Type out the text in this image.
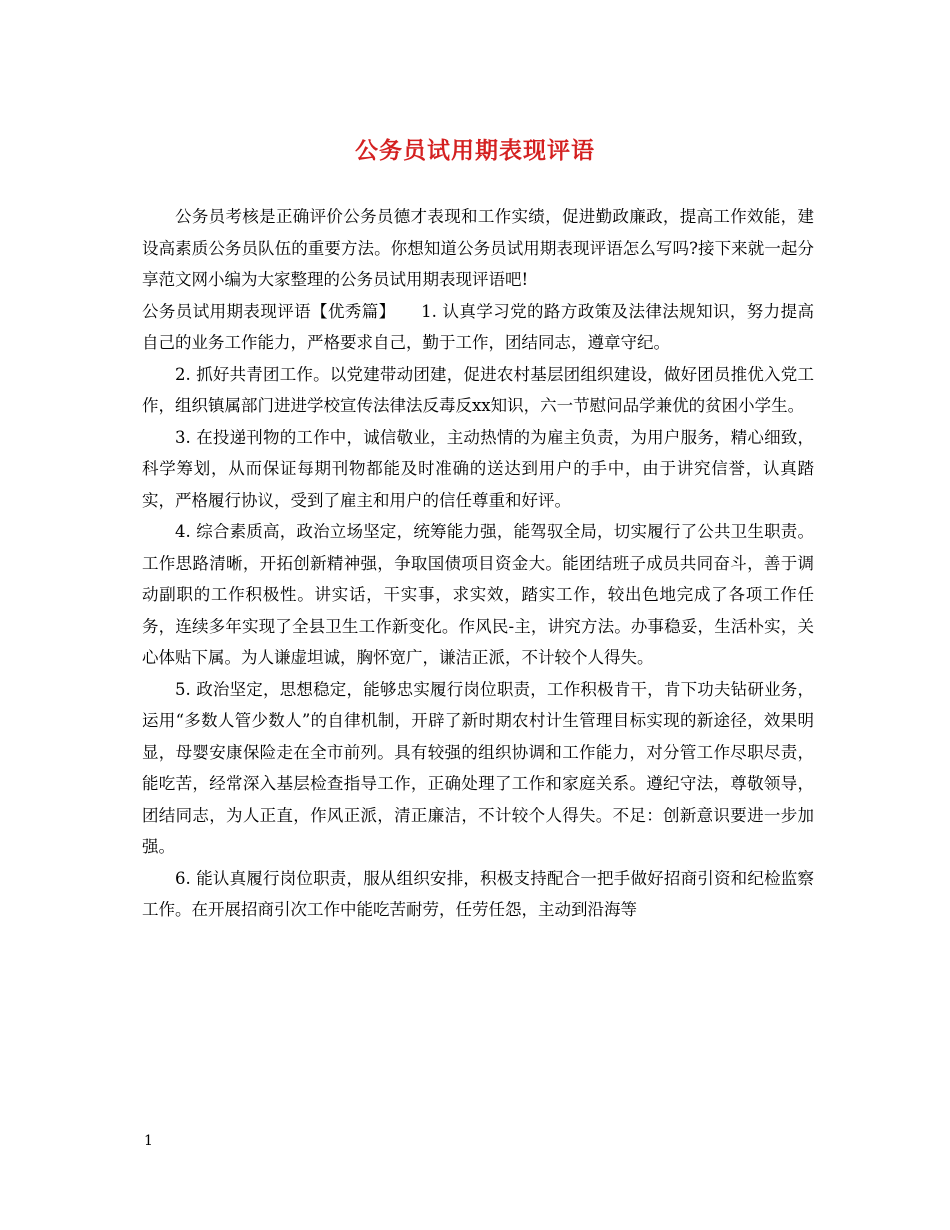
公务员试用期表现评语

公务员考核是正确评价公务员德才表现和工作实绩，促进勤政廉政，提高工作效能，建设高素质公务员队伍的重要方法。你想知道公务员试用期表现评语怎么写吗?接下来就一起分享范文网小编为大家整理的公务员试用期表现评语吧!

公务员试用期表现评语【优秀篇】　　1. 认真学习党的路方政策及法律法规知识，努力提高自己的业务工作能力，严格要求自己，勤于工作，团结同志，遵章守纪。

2. 抓好共青团工作。以党建带动团建，促进农村基层团组织建设，做好团员推优入党工作，组织镇属部门进进学校宣传法律法反毒反xx知识，六一节慰问品学兼优的贫困小学生。

3. 在投递刊物的工作中，诚信敬业，主动热情的为雇主负责，为用户服务，精心细致，科学筹划，从而保证每期刊物都能及时准确的送达到用户的手中，由于讲究信誉，认真踏实，严格履行协议，受到了雇主和用户的信任尊重和好评。

4. 综合素质高，政治立场坚定，统筹能力强，能驾驭全局，切实履行了公共卫生职责。工作思路清晰，开拓创新精神强，争取国债项目资金大。能团结班子成员共同奋斗，善于调动副职的工作积极性。讲实话，干实事，求实效，踏实工作，较出色地完成了各项工作任务，连续多年实现了全县卫生工作新变化。作风民-主，讲究方法。办事稳妥，生活朴实，关心体贴下属。为人谦虚坦诚，胸怀宽广，谦洁正派，不计较个人得失。

5. 政治坚定，思想稳定，能够忠实履行岗位职责，工作积极肯干，肯下功夫钻研业务，运用“多数人管少数人”的自律机制，开辟了新时期农村计生管理目标实现的新途径，效果明显，母婴安康保险走在全市前列。具有较强的组织协调和工作能力，对分管工作尽职尽责，能吃苦，经常深入基层检查指导工作，正确处理了工作和家庭关系。遵纪守法，尊敬领导，团结同志，为人正直，作风正派，清正廉洁，不计较个人得失。不足：创新意识要进一步加强。

6. 能认真履行岗位职责，服从组织安排，积极支持配合一把手做好招商引资和纪检监察工作。在开展招商引次工作中能吃苦耐劳，任劳任怨，主动到沿海等

1
